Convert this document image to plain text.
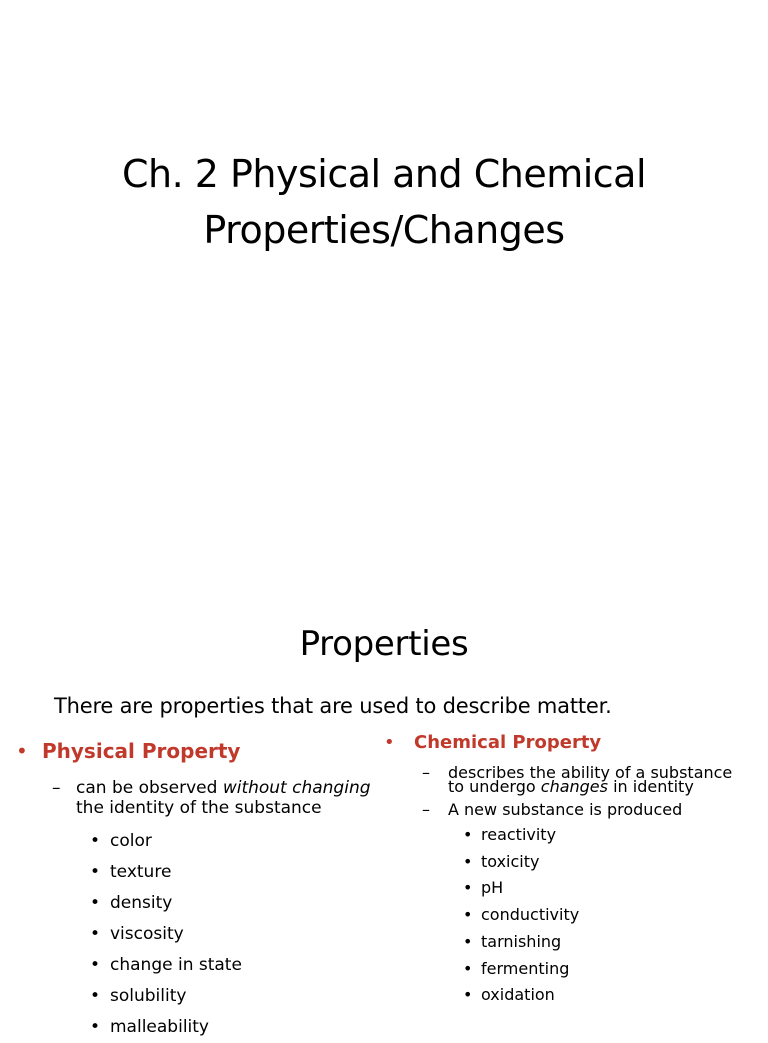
Ch. 2 Physical and Chemical
Properties/Changes
Properties
There are properties that are used to describe matter.
• Physical Property
– can be observed without changing
the identity of the substance
• color
• texture
• density
• viscosity
• change in state
• solubility
• malleability
• Chemical Property
– describes the ability of a substance
to undergo changes in identity
– A new substance is produced
• reactivity
• toxicity
• pH
• conductivity
• tarnishing
• fermenting
• oxidation
